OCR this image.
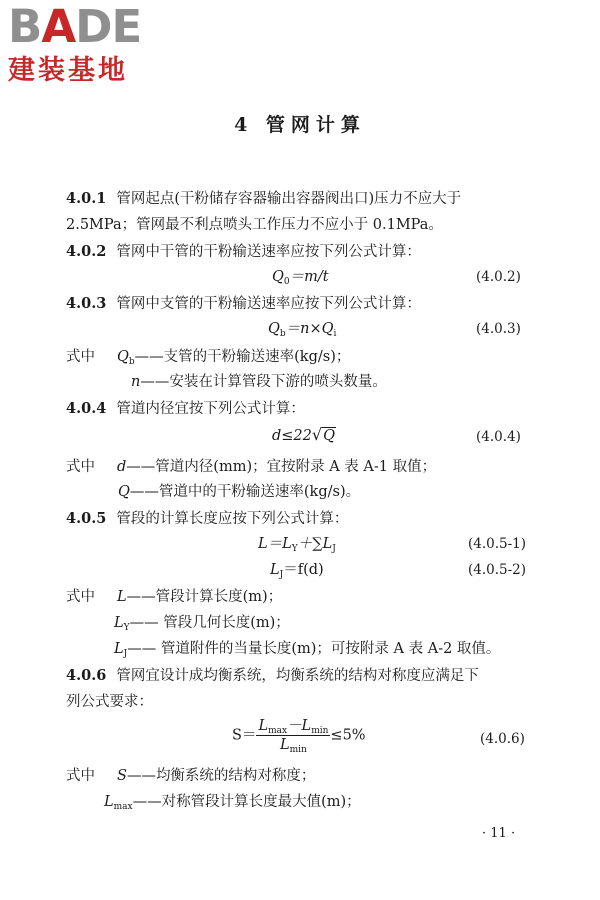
BADE
建装基地
4 管网计算
4.0.1 管网起点(干粉储存容器输出容器阀出口)压力不应大于
2.5MPa；管网最不利点喷头工作压力不应小于 0.1MPa。
4.0.2 管网中干管的干粉输送速率应按下列公式计算：
$Q_0=m/t$	(4.0.2)
4.0.3 管网中支管的干粉输送速率应按下列公式计算：
$Q_b=n\times Q_i$	(4.0.3)
式中 $Q_b——$支管的干粉输送速率(kg/s)；
n——安装在计算管段下游的喷头数量。
4.0.4 管道内径宜按下列公式计算：
d≤22√Q	(4.0.4)
式中 d——管道内径(mm)；宜按附录 A 表 A-1 取值；
Q——管道中的干粉输送速率(kg/s)。
4.0.5 管段的计算长度应按下列公式计算：
$L=L_Y+\sum L_J$	(4.0.5-1)
$L_J=f(d)$	(4.0.5-2)
式中 L——管段计算长度(m)；
$L_Y——$ 管段几何长度(m)；
$L_J——$ 管道附件的当量长度(m)；可按附录 A 表 A-2 取值。
4.0.6 管网宜设计成均衡系统，均衡系统的结构对称度应满足下
列公式要求：
$S= \frac{L_{max}-L_{min}}{L_{min}} \le 5\%$	(4.0.6)
式中 S——均衡系统的结构对称度；
$L_{max}——$对称管段计算长度最大值(m)；
· 11 ·
